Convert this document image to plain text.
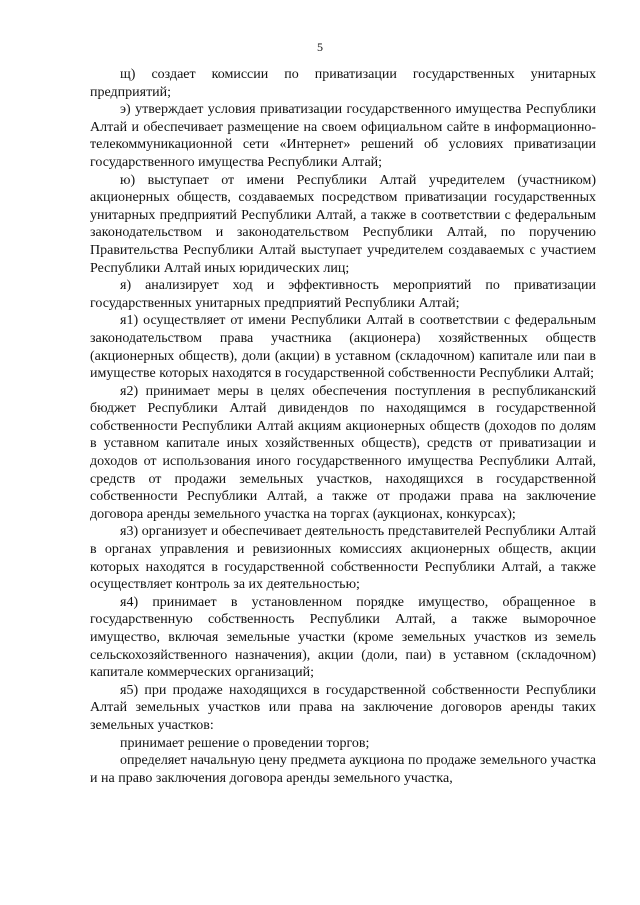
5

щ) создает комиссии по приватизации государственных унитарных предприятий;

э) утверждает условия приватизации государственного имущества Республики Алтай и обеспечивает размещение на своем официальном сайте в информационно-телекоммуникационной сети «Интернет» решений об условиях приватизации государственного имущества Республики Алтай;

ю) выступает от имени Республики Алтай учредителем (участником) акционерных обществ, создаваемых посредством приватизации государственных унитарных предприятий Республики Алтай, а также в соответствии с федеральным законодательством и законодательством Республики Алтай, по поручению Правительства Республики Алтай выступает учредителем создаваемых с участием Республики Алтай иных юридических лиц;

я) анализирует ход и эффективность мероприятий по приватизации государственных унитарных предприятий Республики Алтай;

я1) осуществляет от имени Республики Алтай в соответствии с федеральным законодательством права участника (акционера) хозяйственных обществ (акционерных обществ), доли (акции) в уставном (складочном) капитале или паи в имуществе которых находятся в государственной собственности Республики Алтай;

я2) принимает меры в целях обеспечения поступления в республиканский бюджет Республики Алтай дивидендов по находящимся в государственной собственности Республики Алтай акциям акционерных обществ (доходов по долям в уставном капитале иных хозяйственных обществ), средств от приватизации и доходов от использования иного государственного имущества Республики Алтай, средств от продажи земельных участков, находящихся в государственной собственности Республики Алтай, а также от продажи права на заключение договора аренды земельного участка на торгах (аукционах, конкурсах);

я3) организует и обеспечивает деятельность представителей Республики Алтай в органах управления и ревизионных комиссиях акционерных обществ, акции которых находятся в государственной собственности Республики Алтай, а также осуществляет контроль за их деятельностью;

я4) принимает в установленном порядке имущество, обращенное в государственную собственность Республики Алтай, а также выморочное имущество, включая земельные участки (кроме земельных участков из земель сельскохозяйственного назначения), акции (доли, паи) в уставном (складочном) капитале коммерческих организаций;

я5) при продаже находящихся в государственной собственности Республики Алтай земельных участков или права на заключение договоров аренды таких земельных участков:

принимает решение о проведении торгов;

определяет начальную цену предмета аукциона по продаже земельного участка и на право заключения договора аренды земельного участка,
